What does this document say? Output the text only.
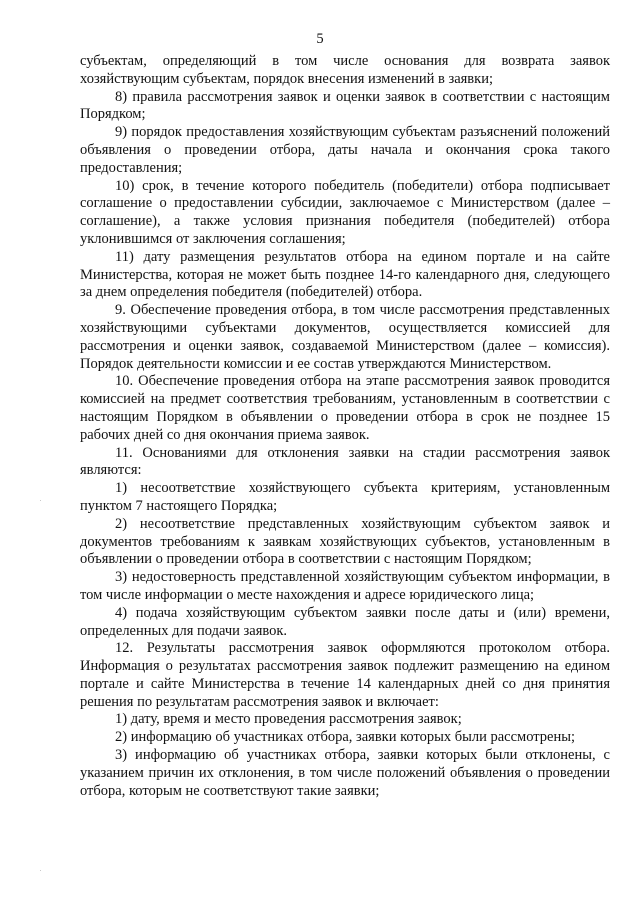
5

субъектам, определяющий в том числе основания для возврата заявок хозяйствующим субъектам, порядок внесения изменений в заявки;

8) правила рассмотрения заявок и оценки заявок в соответствии с настоящим Порядком;

9) порядок предоставления хозяйствующим субъектам разъяснений положений объявления о проведении отбора, даты начала и окончания срока такого предоставления;

10) срок, в течение которого победитель (победители) отбора подписывает соглашение о предоставлении субсидии, заключаемое с Министерством (далее – соглашение), а также условия признания победителя (победителей) отбора уклонившимся от заключения соглашения;

11) дату размещения результатов отбора на едином портале и на сайте Министерства, которая не может быть позднее 14-го календарного дня, следующего за днем определения победителя (победителей) отбора.

9. Обеспечение проведения отбора, в том числе рассмотрения представленных хозяйствующими субъектами документов, осуществляется комиссией для рассмотрения и оценки заявок, создаваемой Министерством (далее – комиссия). Порядок деятельности комиссии и ее состав утверждаются Министерством.

10. Обеспечение проведения отбора на этапе рассмотрения заявок проводится комиссией на предмет соответствия требованиям, установленным в соответствии с настоящим Порядком в объявлении о проведении отбора в срок не позднее 15 рабочих дней со дня окончания приема заявок.

11. Основаниями для отклонения заявки на стадии рассмотрения заявок являются:

1) несоответствие хозяйствующего субъекта критериям, установленным пунктом 7 настоящего Порядка;

2) несоответствие представленных хозяйствующим субъектом заявок и документов требованиям к заявкам хозяйствующих субъектов, установленным в объявлении о проведении отбора в соответствии с настоящим Порядком;

3) недостоверность представленной хозяйствующим субъектом информации, в том числе информации о месте нахождения и адресе юридического лица;

4) подача хозяйствующим субъектом заявки после даты и (или) времени, определенных для подачи заявок.

12. Результаты рассмотрения заявок оформляются протоколом отбора. Информация о результатах рассмотрения заявок подлежит размещению на едином портале и сайте Министерства в течение 14 календарных дней со дня принятия решения по результатам рассмотрения заявок и включает:

1) дату, время и место проведения рассмотрения заявок;

2) информацию об участниках отбора, заявки которых были рассмотрены;

3) информацию об участниках отбора, заявки которых были отклонены, с указанием причин их отклонения, в том числе положений объявления о проведении отбора, которым не соответствуют такие заявки;
